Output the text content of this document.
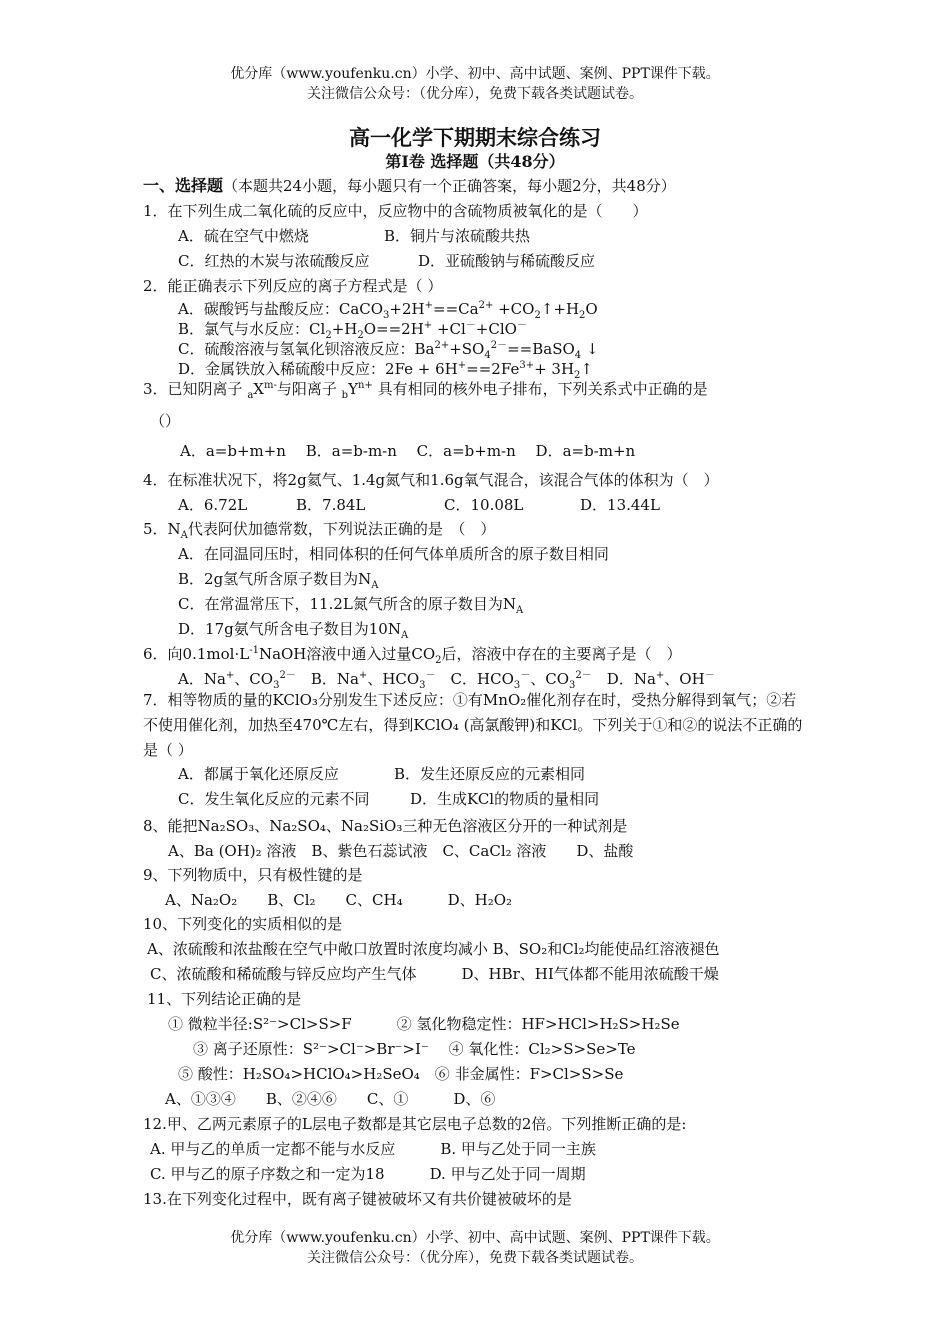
优分库（www.youfenku.cn）小学、初中、高中试题、案例、PPT课件下载。
关注微信公众号：（优分库），免费下载各类试题试卷。
高一化学下期期末综合练习
第Ⅰ卷 选择题（共48分）
一、选择题（本题共24小题，每小题只有一个正确答案，每小题2分，共48分）
1．在下列生成二氧化硫的反应中，反应物中的含硫物质被氧化的是（　　）
A．硫在空气中燃烧	B．铜片与浓硫酸共热
C．红热的木炭与浓硫酸反应	D．亚硫酸钠与稀硫酸反应
2．能正确表示下列反应的离子方程式是（ ）
A．碳酸钙与盐酸反应：$CaCO_3+2H^+==Ca^{2+}$ $+CO_2↑+H_2O$
B．氯气与水反应：$Cl_2+H_2O==2H^+ +Cl^-+ClO^-$
C．硫酸溶液与氢氧化钡溶液反应：$Ba^{2+}+SO_4^{2-}==BaSO_4$ ↓
D．金属铁放入稀硫酸中反应：$2Fe + 6H^+==2Fe^{3+}+$ $3H_2↑$
3．已知阴离子 $_aX^{m-}$与阳离子 $_bY^{n+}$ 具有相同的核外电子排布，下列关系式中正确的是
（）
A．a=b+m+n　 B．a=b-m-n　 C．a=b+m-n　 D．a=b-m+n
4．在标准状况下，将2g氦气、1.4g氮气和1.6g氧气混合，该混合气体的体积为（　）
A．6.72L	B．7.84L	C．10.08L	D．13.44L
5．$N_A$代表阿伏加德常数，下列说法正确的是　（　）
A．在同温同压时，相同体积的任何气体单质所含的原子数目相同
B．2g氢气所含原子数目为$N_A$
C．在常温常压下，11.2L氮气所含的原子数目为$N_A$
D．17g氨气所含电子数目为$10N_A$
6．向$0.1mol\cdot L^{-1}NaOH$溶液中通入过量$CO_2$后，溶液中存在的主要离子是（　）
A．Na+、$CO_3^{2-}$　B．Na+、$HCO_3^-$　C．$HCO_3^-$、$CO_3^{2-}$　D．Na+、OH－
7．相等物质的量的KClO₃分别发生下述反应：①有MnO₂催化剂存在时，受热分解得到氧气；②若不使用催化剂，加热至470℃左右，得到KClO₄ (高氯酸钾)和KCl。下列关于①和②的说法不正确的是（ ）
A．都属于氧化还原反应	B．发生还原反应的元素相同
C．发生氧化反应的元素不同	D．生成KCl的物质的量相同
8、能把Na₂SO₃、Na₂SO₄、Na₂SiO₃三种无色溶液区分开的一种试剂是
A、Ba (OH)₂ 溶液　B、紫色石蕊试液　C、CaCl₂ 溶液　　D、盐酸
9、下列物质中，只有极性键的是
A、Na₂O₂　　B、Cl₂　　C、CH₄　　　D、H₂O₂
10、下列变化的实质相似的是
A、浓硫酸和浓盐酸在空气中敞口放置时浓度均减小 B、SO₂和Cl₂均能使品红溶液褪色
C、浓硫酸和稀硫酸与锌反应均产生气体　　　D、HBr、HI气体都不能用浓硫酸干燥
11、下列结论正确的是
① 微粒半径:S²⁻>Cl>S>F　　　② 氢化物稳定性：HF>HCl>H₂S>H₂Se
③ 离子还原性：S²⁻>Cl⁻>Br⁻>I⁻　 ④ 氧化性：Cl₂>S>Se>Te
⑤ 酸性：H₂SO₄>HClO₄>H₂SeO₄　⑥ 非金属性：F>Cl>S>Se
A、①③④　　B、②④⑥　　C、①　　　D、⑥
12.甲、乙两元素原子的L层电子数都是其它层电子总数的2倍。下列推断正确的是:
A. 甲与乙的单质一定都不能与水反应　　　B. 甲与乙处于同一主族
C. 甲与乙的原子序数之和一定为18　　　D. 甲与乙处于同一周期
13.在下列变化过程中，既有离子键被破坏又有共价键被破坏的是
优分库（www.youfenku.cn）小学、初中、高中试题、案例、PPT课件下载。
关注微信公众号：（优分库），免费下载各类试题试卷。
